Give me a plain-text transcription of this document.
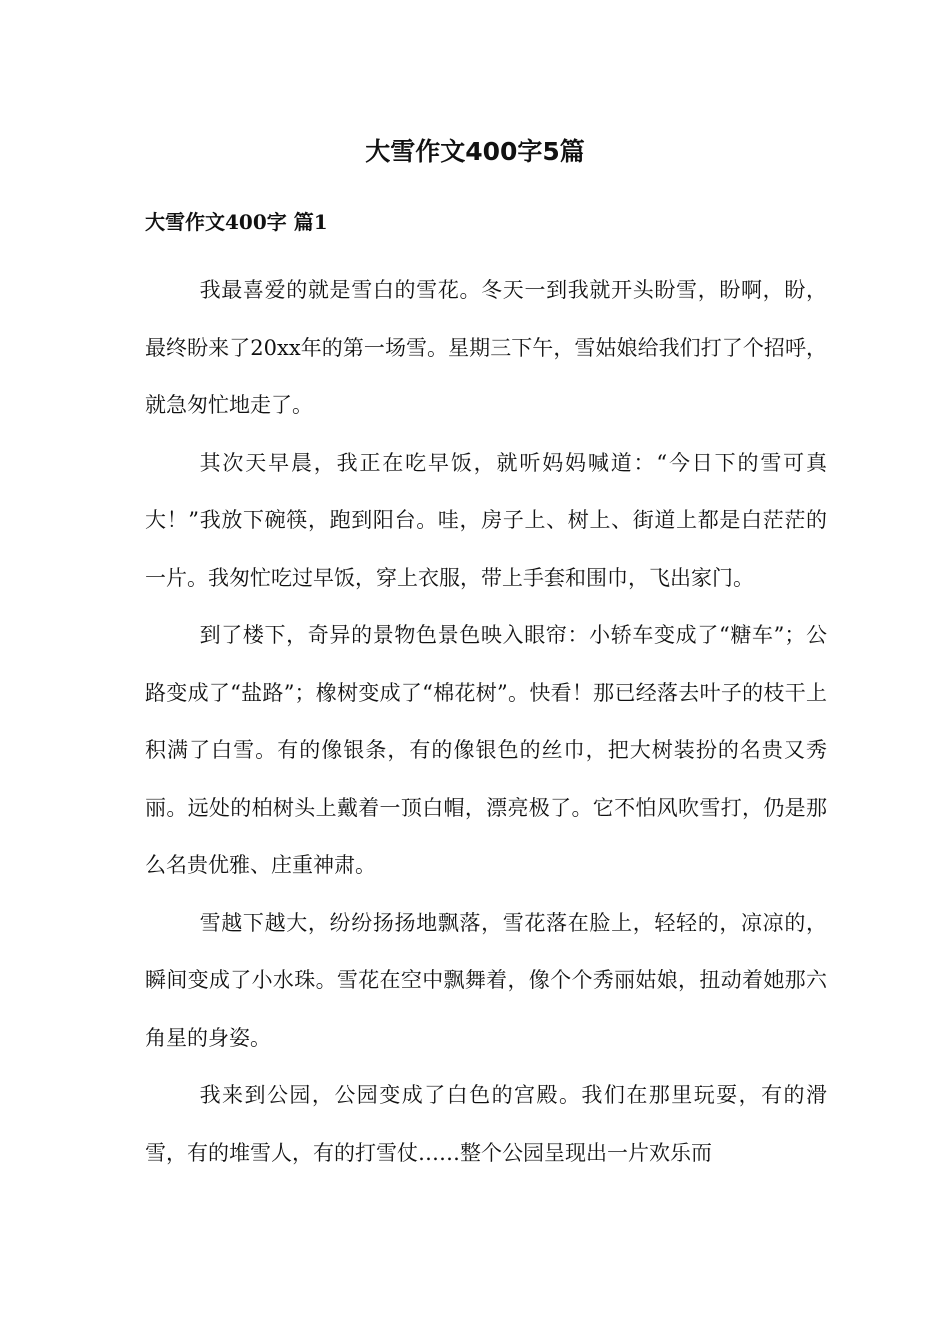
大雪作文400字5篇
大雪作文400字 篇1

我最喜爱的就是雪白的雪花。冬天一到我就开头盼雪，盼啊，盼，最终盼来了20xx年的第一场雪。星期三下午，雪姑娘给我们打了个招呼，就急匆忙地走了。

其次天早晨，我正在吃早饭，就听妈妈喊道：“今日下的雪可真大！”我放下碗筷，跑到阳台。哇，房子上、树上、街道上都是白茫茫的一片。我匆忙吃过早饭，穿上衣服，带上手套和围巾，飞出家门。

到了楼下，奇异的景物色景色映入眼帘：小轿车变成了“糖车”；公路变成了“盐路”；橡树变成了“棉花树”。快看！那已经落去叶子的枝干上积满了白雪。有的像银条，有的像银色的丝巾，把大树装扮的名贵又秀丽。远处的柏树头上戴着一顶白帽，漂亮极了。它不怕风吹雪打，仍是那么名贵优雅、庄重神肃。

雪越下越大，纷纷扬扬地飘落，雪花落在脸上，轻轻的，凉凉的，瞬间变成了小水珠。雪花在空中飘舞着，像个个秀丽姑娘，扭动着她那六角星的身姿。

我来到公园，公园变成了白色的宫殿。我们在那里玩耍，有的滑雪，有的堆雪人，有的打雪仗……整个公园呈现出一片欢乐而
